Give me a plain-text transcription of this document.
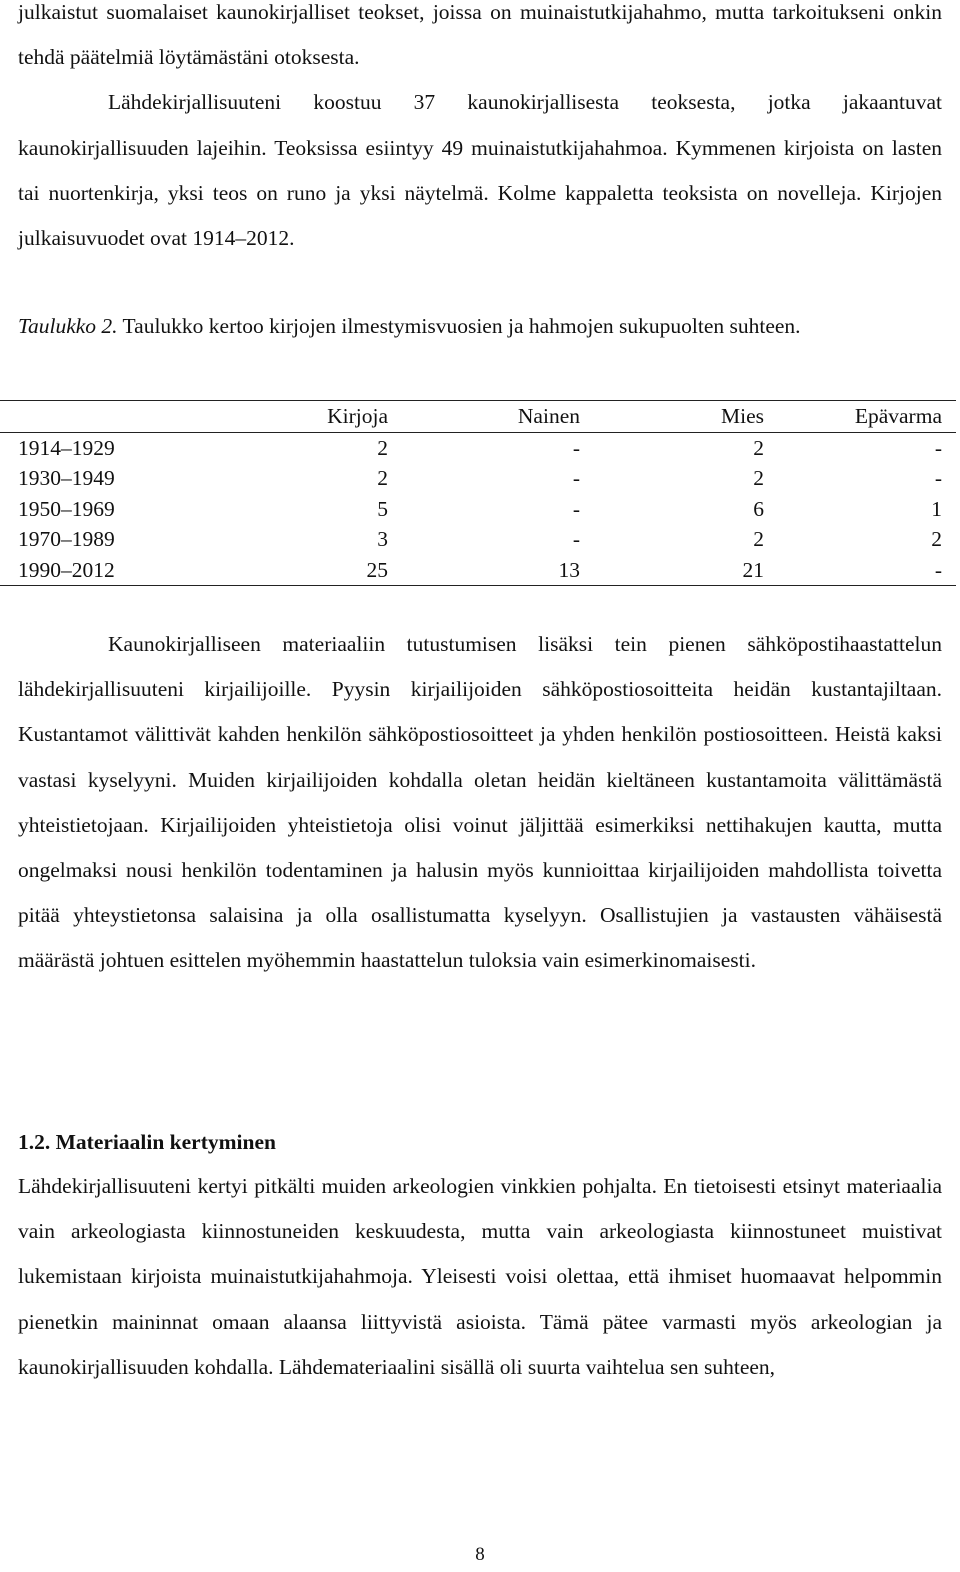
julkaistut suomalaiset kaunokirjalliset teokset, joissa on muinaistutkijahahmo, mutta tarkoitukseni onkin tehdä päätelmiä löytämästäni otoksesta.

Lähdekirjallisuuteni koostuu 37 kaunokirjallisesta teoksesta, jotka jakaantuvat kaunokirjallisuuden lajeihin. Teoksissa esiintyy 49 muinaistutkijahahmoa. Kymmenen kirjoista on lasten tai nuortenkirja, yksi teos on runo ja yksi näytelmä. Kolme kappaletta teoksista on novelleja. Kirjojen julkaisuvuodet ovat 1914–2012.

Taulukko 2. Taulukko kertoo kirjojen ilmestymisvuosien ja hahmojen sukupuolten suhteen.

	Kirjoja	Nainen	Mies	Epävarma
1914–1929	2	-	2	-
1930–1949	2	-	2	-
1950–1969	5	-	6	1
1970–1989	3	-	2	2
1990–2012	25	13	21	-

Kaunokirjalliseen materiaaliin tutustumisen lisäksi tein pienen sähköpostihaastattelun lähdekirjallisuuteni kirjailijoille. Pyysin kirjailijoiden sähköpostiosoitteita heidän kustantajiltaan. Kustantamot välittivät kahden henkilön sähköpostiosoitteet ja yhden henkilön postiosoitteen. Heistä kaksi vastasi kyselyyni. Muiden kirjailijoiden kohdalla oletan heidän kieltäneen kustantamoita välittämästä yhteistietojaan. Kirjailijoiden yhteistietoja olisi voinut jäljittää esimerkiksi nettihakujen kautta, mutta ongelmaksi nousi henkilön todentaminen ja halusin myös kunnioittaa kirjailijoiden mahdollista toivetta pitää yhteystietonsa salaisina ja olla osallistumatta kyselyyn. Osallistujien ja vastausten vähäisestä määrästä johtuen esittelen myöhemmin haastattelun tuloksia vain esimerkinomaisesti.

1.2. Materiaalin kertyminen

Lähdekirjallisuuteni kertyi pitkälti muiden arkeologien vinkkien pohjalta. En tietoisesti etsinyt materiaalia vain arkeologiasta kiinnostuneiden keskuudesta, mutta vain arkeologiasta kiinnostuneet muistivat lukemistaan kirjoista muinaistutkijahahmoja. Yleisesti voisi olettaa, että ihmiset huomaavat helpommin pienetkin maininnat omaan alaansa liittyvistä asioista. Tämä pätee varmasti myös arkeologian ja kaunokirjallisuuden kohdalla. Lähdemateriaalini sisällä oli suurta vaihtelua sen suhteen,

8
